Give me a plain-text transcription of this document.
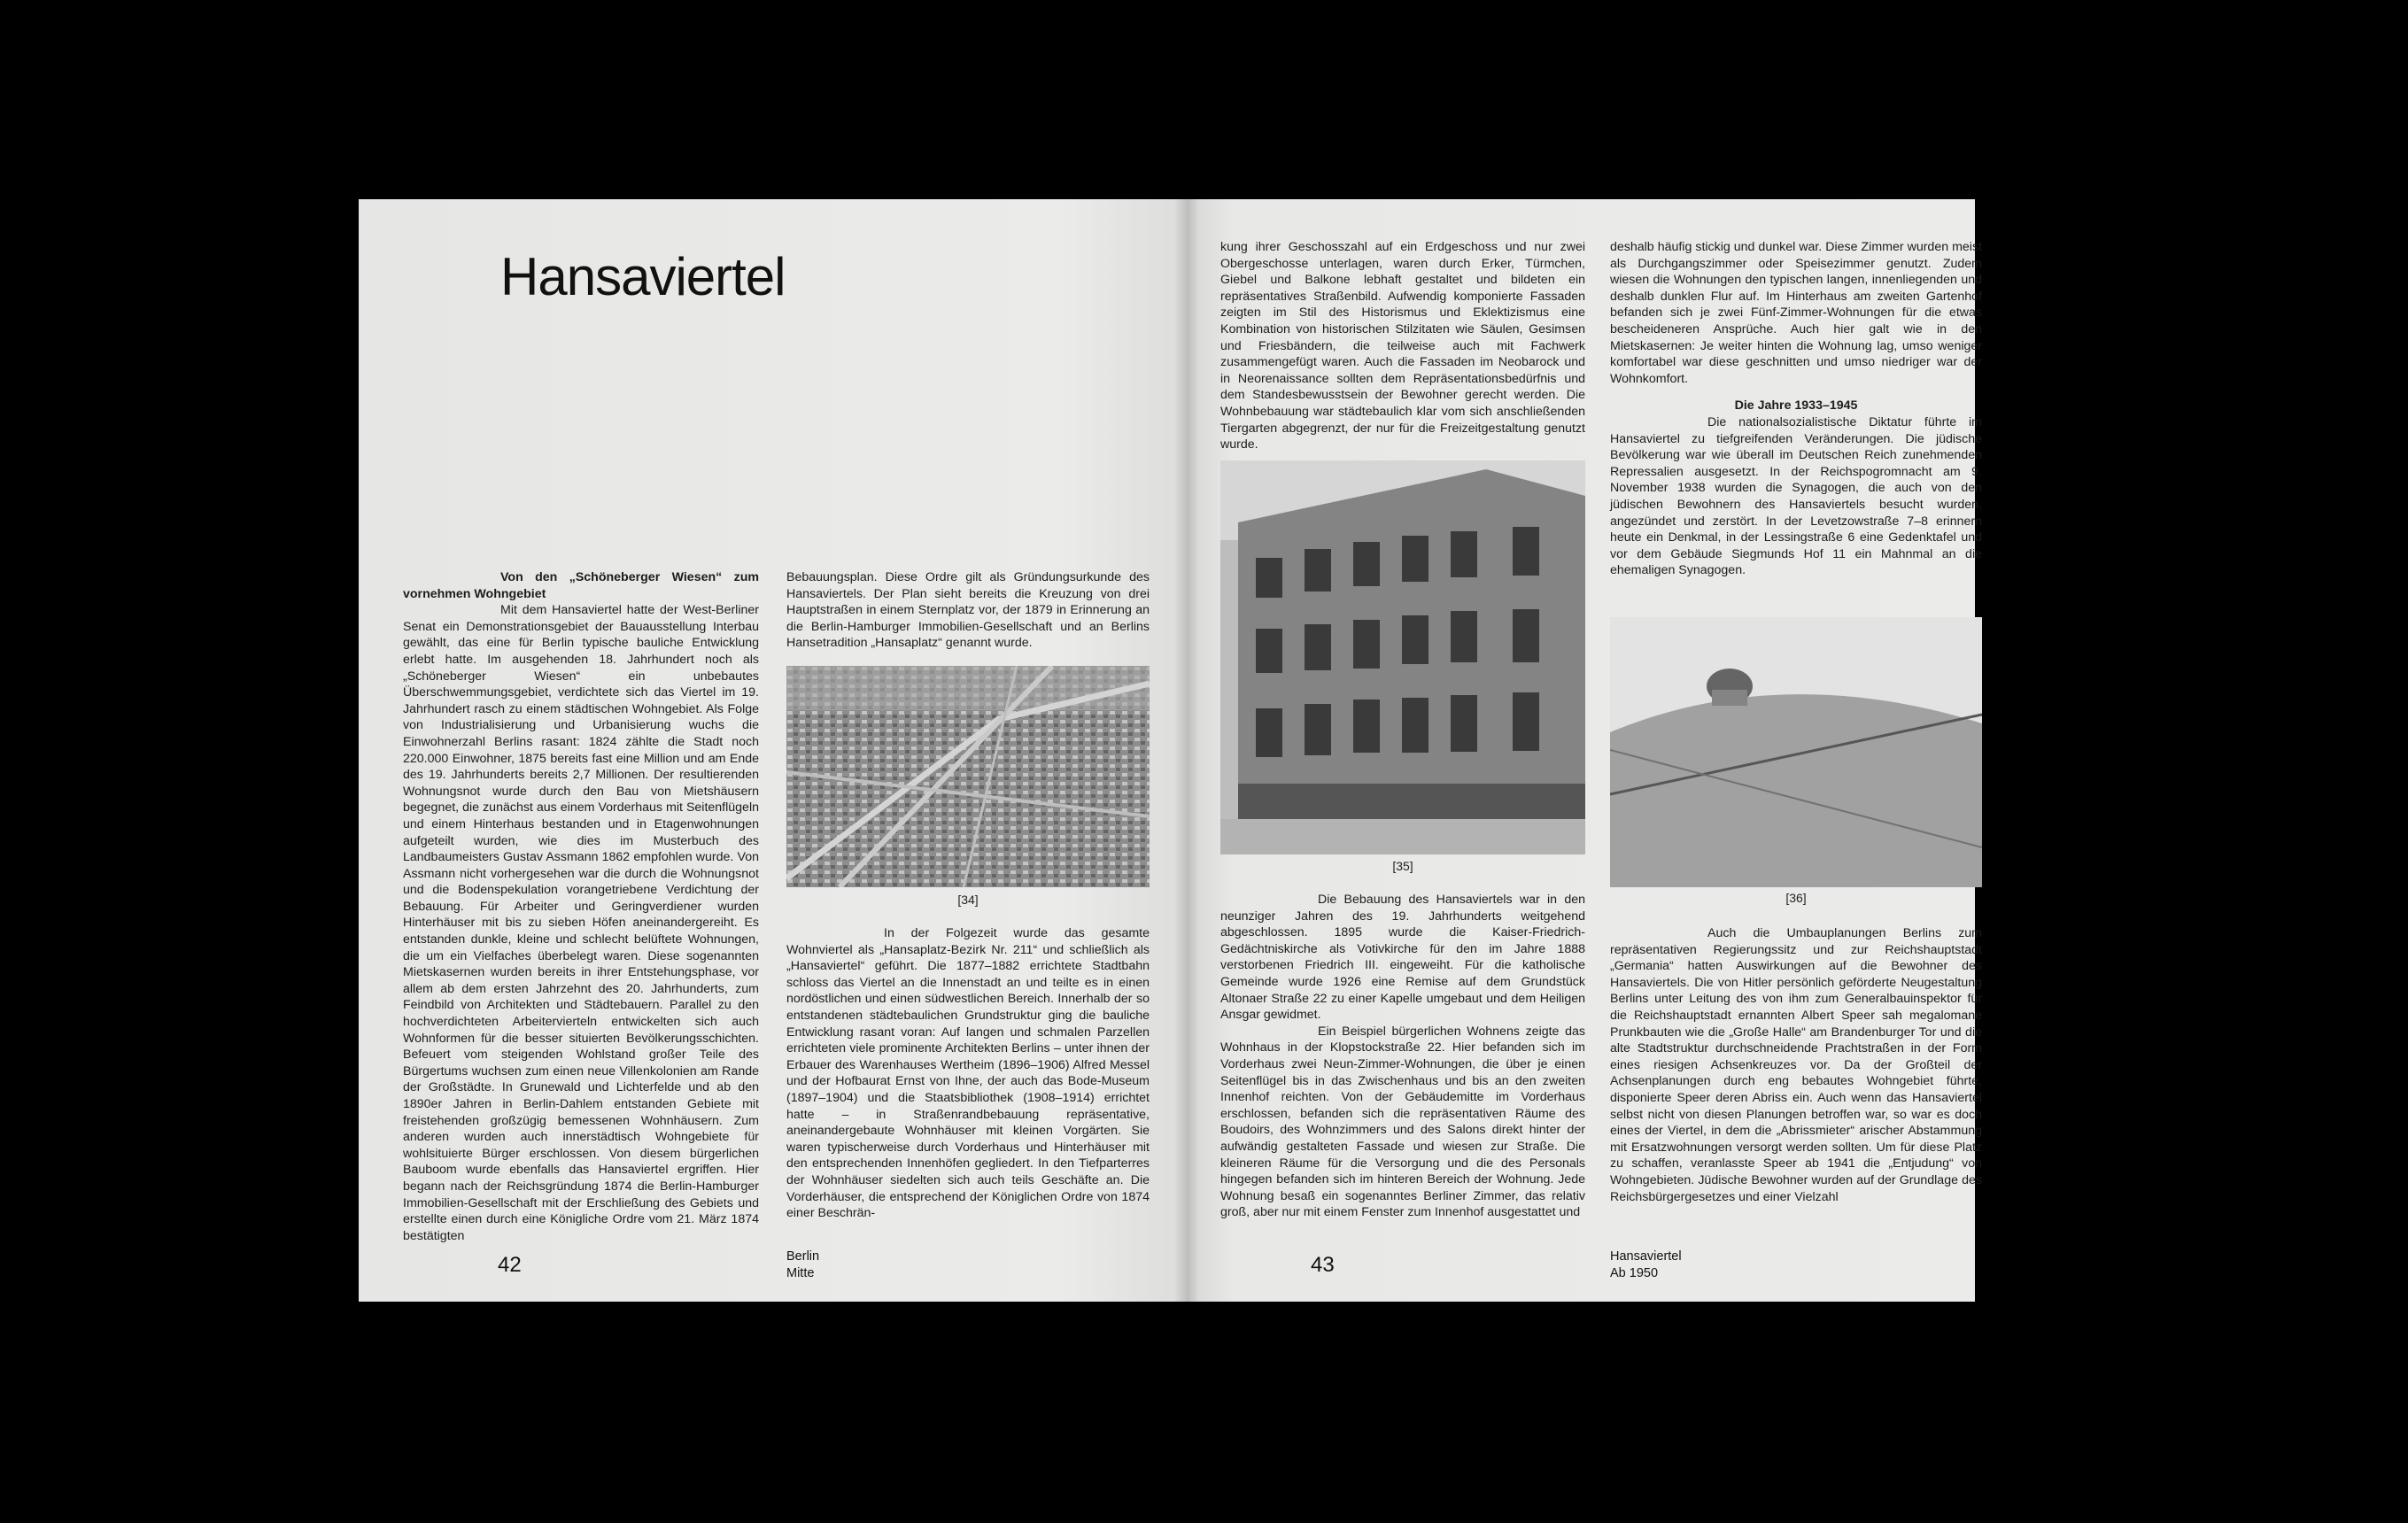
Hansaviertel
Von den „Schöneberger Wiesen“ zum vornehmen Wohngebiet

Mit dem Hansaviertel hatte der West-Berliner Senat ein Demonstrationsgebiet der Bauausstellung Interbau gewählt, das eine für Berlin typische bauliche Entwicklung erlebt hatte. Im ausgehenden 18. Jahrhundert noch als „Schöneberger Wiesen“ ein unbebautes Überschwemmungsgebiet, verdichtete sich das Viertel im 19. Jahrhundert rasch zu einem städtischen Wohngebiet. Als Folge von Industrialisierung und Urbanisierung wuchs die Einwohnerzahl Berlins rasant: 1824 zählte die Stadt noch 220.000 Einwohner, 1875 bereits fast eine Million und am Ende des 19. Jahrhunderts bereits 2,7 Millionen. Der resultierenden Wohnungsnot wurde durch den Bau von Mietshäusern begegnet, die zunächst aus einem Vorderhaus mit Seitenflügeln und einem Hinterhaus bestanden und in Etagenwohnungen aufgeteilt wurden, wie dies im Musterbuch des Landbaumeisters Gustav Assmann 1862 empfohlen wurde. Von Assmann nicht vorhergesehen war die durch die Wohnungsnot und die Bodenspekulation vorangetriebene Verdichtung der Bebauung. Für Arbeiter und Geringverdiener wurden Hinterhäuser mit bis zu sieben Höfen aneinandergereiht. Es entstanden dunkle, kleine und schlecht belüftete Wohnungen, die um ein Vielfaches überbelegt waren. Diese sogenannten Mietskasernen wurden bereits in ihrer Entstehungsphase, vor allem ab dem ersten Jahrzehnt des 20. Jahrhunderts, zum Feindbild von Architekten und Städtebauern. Parallel zu den hochverdichteten Arbeitervierteln entwickelten sich auch Wohnformen für die besser situierten Bevölkerungsschichten. Befeuert vom steigenden Wohlstand großer Teile des Bürgertums wuchsen zum einen neue Villenkolonien am Rande der Großstädte. In Grunewald und Lichterfelde und ab den 1890er Jahren in Berlin-Dahlem entstanden Gebiete mit freistehenden großzügig bemessenen Wohnhäusern. Zum anderen wurden auch innerstädtisch Wohngebiete für wohlsituierte Bürger erschlossen. Von diesem bürgerlichen Bauboom wurde ebenfalls das Hansaviertel ergriffen. Hier begann nach der Reichsgründung 1874 die Berlin-Hamburger Immobilien-Gesellschaft mit der Erschließung des Gebiets und erstellte einen durch eine Königliche Ordre vom 21. März 1874 bestätigten

Bebauungsplan. Diese Ordre gilt als Gründungsurkunde des Hansaviertels. Der Plan sieht bereits die Kreuzung von drei Hauptstraßen in einem Sternplatz vor, der 1879 in Erinnerung an die Berlin-Hamburger Immobilien-Gesellschaft und an Berlins Hansetradition „Hansaplatz“ genannt wurde.

[34]

In der Folgezeit wurde das gesamte Wohnviertel als „Hansaplatz-Bezirk Nr. 211“ und schließlich als „Hansaviertel“ geführt. Die 1877–1882 errichtete Stadtbahn schloss das Viertel an die Innenstadt an und teilte es in einen nordöstlichen und einen südwestlichen Bereich. Innerhalb der so entstandenen städtebaulichen Grundstruktur ging die bauliche Entwicklung rasant voran: Auf langen und schmalen Parzellen errichteten viele prominente Architekten Berlins – unter ihnen der Erbauer des Warenhauses Wertheim (1896–1906) Alfred Messel und der Hofbaurat Ernst von Ihne, der auch das Bode-Museum (1897–1904) und die Staatsbibliothek (1908–1914) errichtet hatte – in Straßenrandbebauung repräsentative, aneinandergebaute Wohnhäuser mit kleinen Vorgärten. Sie waren typischerweise durch Vorderhaus und Hinterhäuser mit den entsprechenden Innenhöfen gegliedert. In den Tiefparterres der Wohnhäuser siedelten sich auch teils Geschäfte an. Die Vorderhäuser, die entsprechend der Königlichen Ordre von 1874 einer Beschrän-

42	Berlin
Mitte

kung ihrer Geschosszahl auf ein Erdgeschoss und nur zwei Obergeschosse unterlagen, waren durch Erker, Türmchen, Giebel und Balkone lebhaft gestaltet und bildeten ein repräsentatives Straßenbild. Aufwendig komponierte Fassaden zeigten im Stil des Historismus und Eklektizismus eine Kombination von historischen Stilzitaten wie Säulen, Gesimsen und Friesbändern, die teilweise auch mit Fachwerk zusammengefügt waren. Auch die Fassaden im Neobarock und in Neorenaissance sollten dem Repräsentationsbedürfnis und dem Standesbewusstsein der Bewohner gerecht werden. Die Wohnbebauung war städtebaulich klar vom sich anschließenden Tiergarten abgegrenzt, der nur für die Freizeitgestaltung genutzt wurde.

[35]

Die Bebauung des Hansaviertels war in den neunziger Jahren des 19. Jahrhunderts weitgehend abgeschlossen. 1895 wurde die Kaiser-Friedrich-Gedächtniskirche als Votivkirche für den im Jahre 1888 verstorbenen Friedrich III. eingeweiht. Für die katholische Gemeinde wurde 1926 eine Remise auf dem Grundstück Altonaer Straße 22 zu einer Kapelle umgebaut und dem Heiligen Ansgar gewidmet.

Ein Beispiel bürgerlichen Wohnens zeigte das Wohnhaus in der Klopstockstraße 22. Hier befanden sich im Vorderhaus zwei Neun-Zimmer-Wohnungen, die über je einen Seitenflügel bis in das Zwischenhaus und bis an den zweiten Innenhof reichten. Von der Gebäudemitte im Vorderhaus erschlossen, befanden sich die repräsentativen Räume des Boudoirs, des Wohnzimmers und des Salons direkt hinter der aufwändig gestalteten Fassade und wiesen zur Straße. Die kleineren Räume für die Versorgung und die des Personals hingegen befanden sich im hinteren Bereich der Wohnung. Jede Wohnung besaß ein sogenanntes Berliner Zimmer, das relativ groß, aber nur mit einem Fenster zum Innenhof ausgestattet und

deshalb häufig stickig und dunkel war. Diese Zimmer wurden meist als Durchgangszimmer oder Speisezimmer genutzt. Zudem wiesen die Wohnungen den typischen langen, innenliegenden und deshalb dunklen Flur auf. Im Hinterhaus am zweiten Gartenhof befanden sich je zwei Fünf-Zimmer-Wohnungen für die etwas bescheideneren Ansprüche. Auch hier galt wie in den Mietskasernen: Je weiter hinten die Wohnung lag, umso weniger komfortabel war diese geschnitten und umso niedriger war der Wohnkomfort.

Die Jahre 1933–1945

Die nationalsozialistische Diktatur führte im Hansaviertel zu tiefgreifenden Veränderungen. Die jüdische Bevölkerung war wie überall im Deutschen Reich zunehmenden Repressalien ausgesetzt. In der Reichspogromnacht am 9. November 1938 wurden die Synagogen, die auch von den jüdischen Bewohnern des Hansaviertels besucht wurden, angezündet und zerstört. In der Levetzowstraße 7–8 erinnern heute ein Denkmal, in der Lessingstraße 6 eine Gedenktafel und vor dem Gebäude Siegmunds Hof 11 ein Mahnmal an die ehemaligen Synagogen.

[36]

Auch die Umbauplanungen Berlins zum repräsentativen Regierungssitz und zur Reichshauptstadt „Germania“ hatten Auswirkungen auf die Bewohner des Hansaviertels. Die von Hitler persönlich geförderte Neugestaltung Berlins unter Leitung des von ihm zum Generalbauinspektor für die Reichshauptstadt ernannten Albert Speer sah megalomane Prunkbauten wie die „Große Halle“ am Brandenburger Tor und die alte Stadtstruktur durchschneidende Prachtstraßen in der Form eines riesigen Achsenkreuzes vor. Da der Großteil der Achsenplanungen durch eng bebautes Wohngebiet führte, disponierte Speer deren Abriss ein. Auch wenn das Hansaviertel selbst nicht von diesen Planungen betroffen war, so war es doch eines der Viertel, in dem die „Abrissmieter“ arischer Abstammung mit Ersatzwohnungen versorgt werden sollten. Um für diese Platz zu schaffen, veranlasste Speer ab 1941 die „Entjudung“ von Wohngebieten. Jüdische Bewohner wurden auf der Grundlage des Reichsbürgergesetzes und einer Vielzahl

43	Hansaviertel
Ab 1950
